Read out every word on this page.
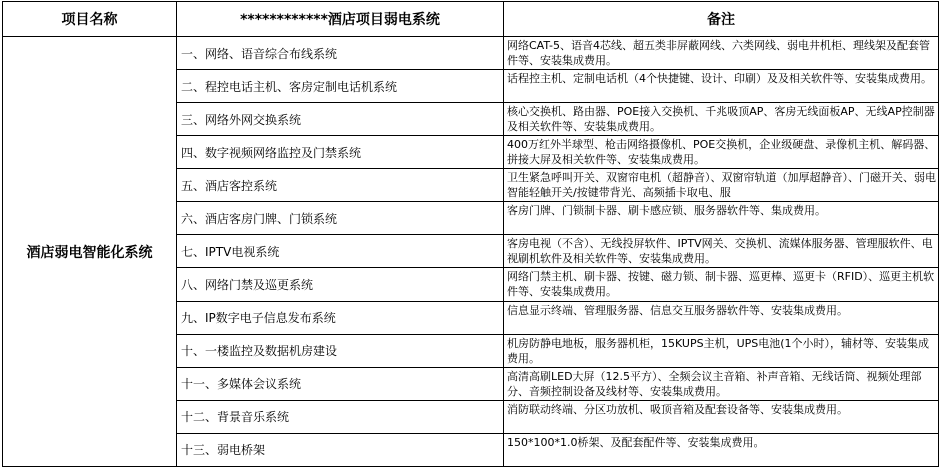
项目名称	************酒店项目弱电系统	备注
酒店弱电智能化系统	一、网络、语音综合布线系统	网络CAT-5、语音4芯线、超五类非屏蔽网线、六类网线、弱电井机柜、理线架及配套管件等、安装集成费用。

	二、程控电话主机、客房定制电话机系统	话程控主机、定制电话机（4个快捷键、设计、印刷）及及相关软件等、安装集成费用。

	三、网络外网交换系统	核心交换机、路由器、POE接入交换机、千兆吸顶AP、客房无线面板AP、无线AP控制器及相关软件等、安装集成费用。

	四、数字视频网络监控及门禁系统	400万红外半球型、枪击网络摄像机、POE交换机，企业级硬盘、录像机主机、解码器、拼接大屏及相关软件等、安装集成费用。

	五、酒店客控系统	卫生紧急呼叫开关、双窗帘电机（超静音）、双窗帘轨道（加厚超静音）、门磁开关、弱电智能轻触开关/按键带背光、高频插卡取电、服

	六、酒店客房门牌、门锁系统	客房门牌、门锁制卡器、刷卡感应锁、服务器软件等、集成费用。

	七、IPTV电视系统	客房电视（不含）、无线投屏软件、IPTV网关、交换机、流媒体服务器、管理服软件、电视刷机软件及相关软件等、安装集成费用。

	八、网络门禁及巡更系统	网络门禁主机、刷卡器、按键、磁力锁、制卡器、巡更棒、巡更卡（RFID）、巡更主机软件等、安装集成费用。

	九、IP数字电子信息发布系统	信息显示终端、管理服务器、信息交互服务器软件等、安装集成费用。

	十、一楼监控及数据机房建设	机房防静电地板，服务器机柜，15KUPS主机，UPS电池(1个小时），辅材等、安装集成费用。

	十一、多媒体会议系统	高清高刷LED大屏（12.5平方）、全频会议主音箱、补声音箱、无线话筒、视频处理部分、音频控制设备及线材等、安装集成费用。

	十二、背景音乐系统	消防联动终端、分区功放机、吸顶音箱及配套设备等、安装集成费用。

	十三、弱电桥架	150*100*1.0桥架、及配套配件等、安装集成费用。
